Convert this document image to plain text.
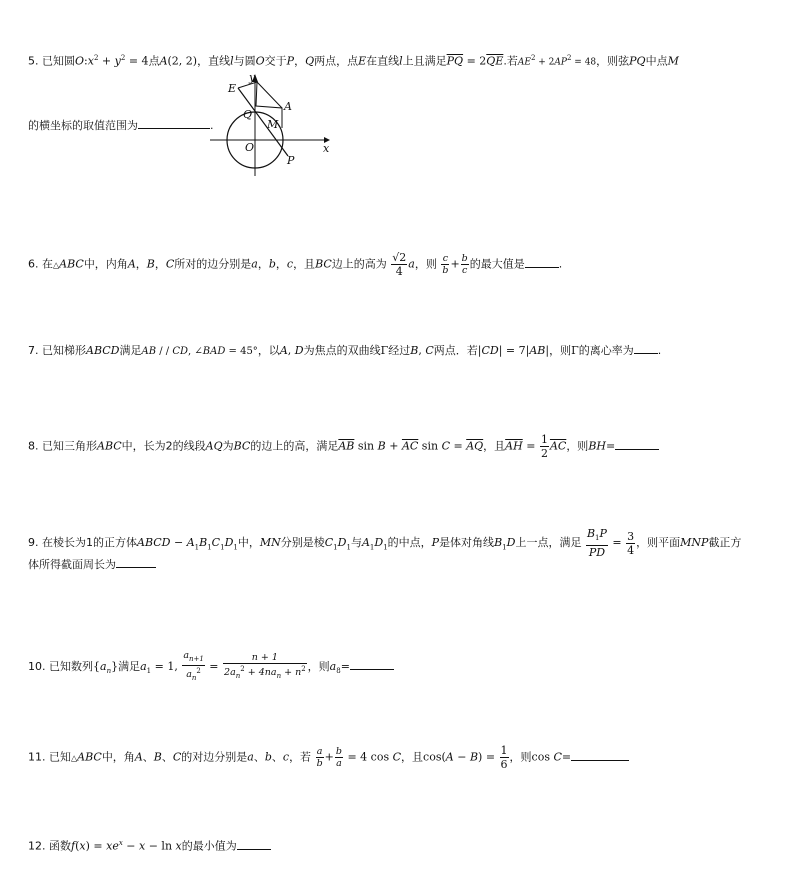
5. 已知圆$O:x^2 + y^2 = 4$点A(2, 2)，直线l与圆O交于P，Q两点，点E在直线l上且满足$\overline{PQ} = 2\overline{QE}$.若$AE^2 + 2AP^2 = 48$，则弦PQ中点M
y
E
A
Q
M
O
P
x
的横坐标的取值范围为	.
6. 在△ABC中，内角A，B，C所对的边分别是a，b，c，且BC边上的高为 $\frac{√2}{4}$ a，则 $\frac{c}{b} + \frac{b}{c}$ 的最大值是	.
7. 已知梯形ABCD满足AB / / CD, ∠BAD = 45°，以A, D为焦点的双曲线Γ经过B, C两点．若|CD| = 7|AB|，则Γ的离心率为 .
8. 已知三角形ABC中，长为2的线段AQ为BC的边上的高，满足$\overline{AB}$ $\sin B + \overline{AC}$ $\sin C = \overline{AQ}$，且$\overline{AH} = \frac{1}{2} \overline{AC}$，则BH=
9. 在棱长为1的正方体ABCD − $A_1B_1C_1D_1$中，MN分别是棱$C_1D_1$与$A_1D_1$的中点，P是体对角线$B_1D$上一点，满足 $\frac{B_1P}{PD} = \frac{3}{4}$ ，则平面MNP截正方
体所得截面周长为
10. 已知数列$\{a_n\}$满足$a_1 = 1$, $\frac{a_{n+1}}{a_n^2} = \frac{n + 1}{2a_n^2 + 4na_n + n^2}$ ，则$a_8=$
11. 已知△ABC中，角A、B、C的对边分别是a、b、c，若 $\frac{a}{b} + \frac{b}{a} = 4$ cos C，且$\cos(A - B) = \frac{1}{6}$ ，则cos C=
12. 函数$f(x) = xe^x - x - \ln x$的最小值为
